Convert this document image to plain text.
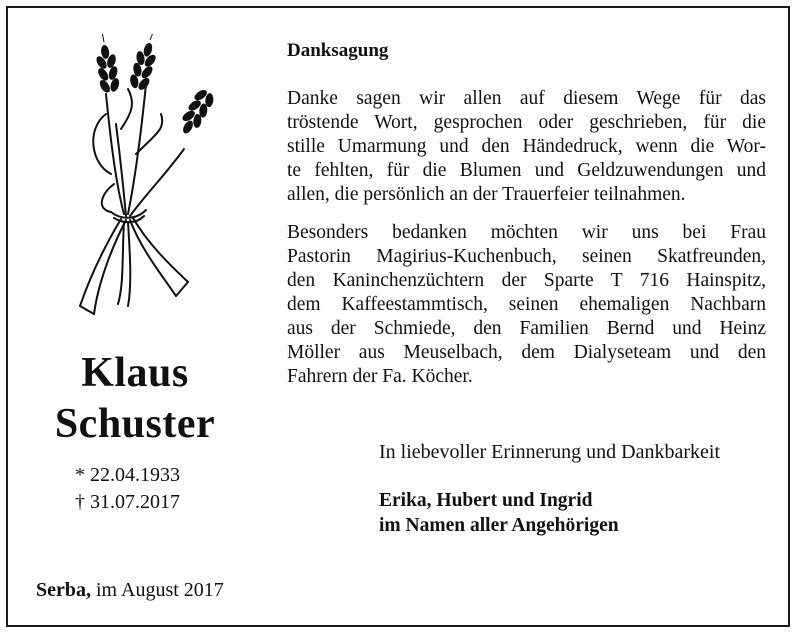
Klaus
Schuster
* 22.04.1933
† 31.07.2017
Serba, im August 2017
Danksagung
Danke sagen wir allen auf diesem Wege für das
tröstende Wort, gesprochen oder geschrieben, für die
stille Umarmung und den Händedruck, wenn die Wor-
te fehlten, für die Blumen und Geldzuwendungen und
allen, die persönlich an der Trauerfeier teilnahmen.
Besonders bedanken möchten wir uns bei Frau
Pastorin Magirius-Kuchenbuch, seinen Skatfreunden,
den Kaninchenzüchtern der Sparte T 716 Hainspitz,
dem Kaffeestammtisch, seinen ehemaligen Nachbarn
aus der Schmiede, den Familien Bernd und Heinz
Möller aus Meuselbach, dem Dialyseteam und den
Fahrern der Fa. Köcher.
In liebevoller Erinnerung und Dankbarkeit
Erika, Hubert und Ingrid
im Namen aller Angehörigen
